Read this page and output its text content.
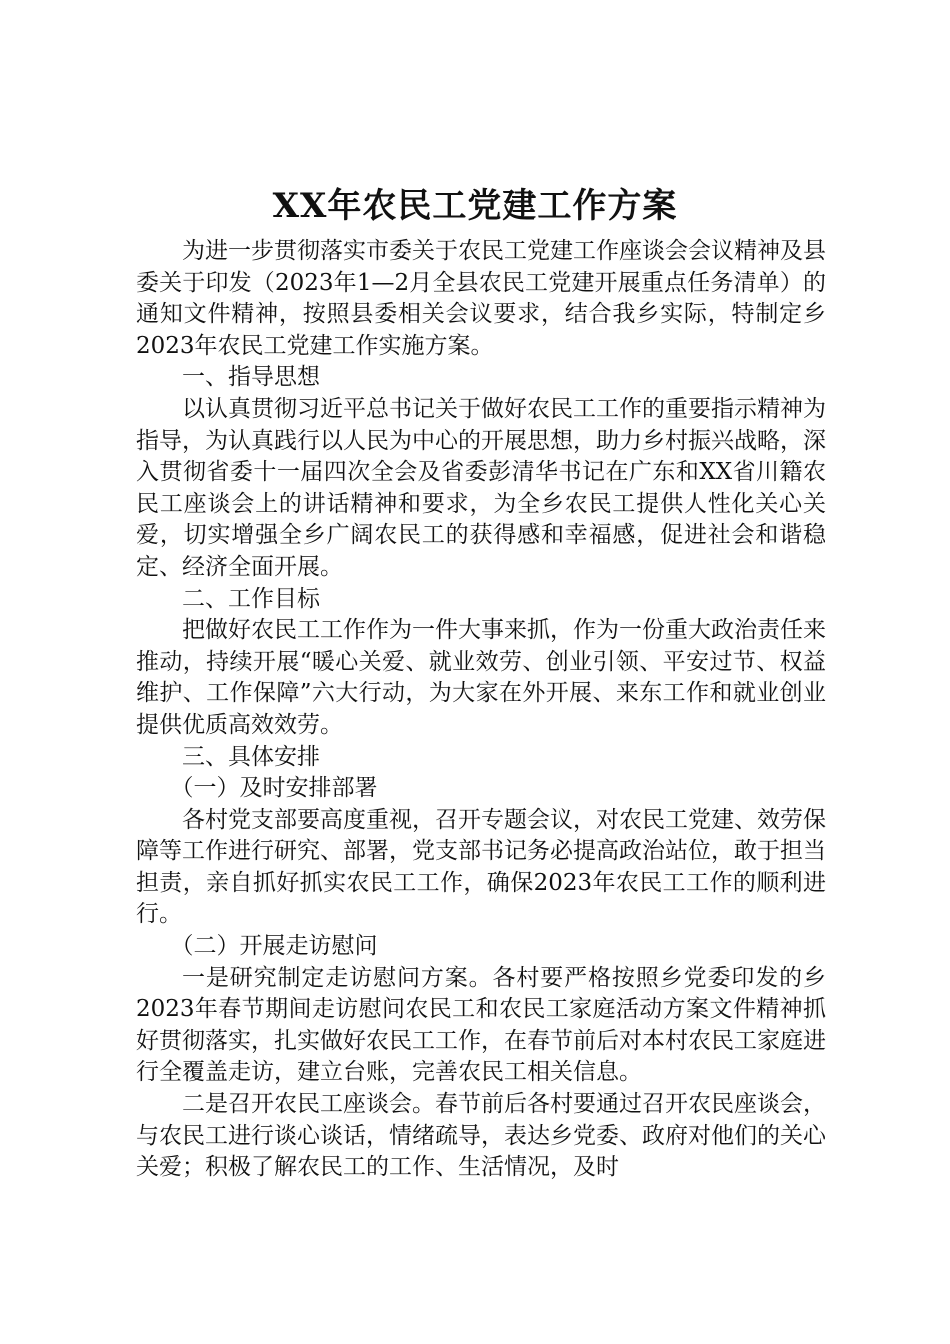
XX年农民工党建工作方案

为进一步贯彻落实市委关于农民工党建工作座谈会会议精神及县委关于印发（2023年1—2月全县农民工党建开展重点任务清单）的通知文件精神，按照县委相关会议要求，结合我乡实际，特制定乡2023年农民工党建工作实施方案。

一、指导思想

以认真贯彻习近平总书记关于做好农民工工作的重要指示精神为指导，为认真践行以人民为中心的开展思想，助力乡村振兴战略，深入贯彻省委十一届四次全会及省委彭清华书记在广东和XX省川籍农民工座谈会上的讲话精神和要求，为全乡农民工提供人性化关心关爱，切实增强全乡广阔农民工的获得感和幸福感，促进社会和谐稳定、经济全面开展。

二、工作目标

把做好农民工工作作为一件大事来抓，作为一份重大政治责任来推动，持续开展“暖心关爱、就业效劳、创业引领、平安过节、权益维护、工作保障”六大行动，为大家在外开展、来东工作和就业创业提供优质高效效劳。

三、具体安排

（一）及时安排部署

各村党支部要高度重视，召开专题会议，对农民工党建、效劳保障等工作进行研究、部署，党支部书记务必提高政治站位，敢于担当担责，亲自抓好抓实农民工工作，确保2023年农民工工作的顺利进行。

（二）开展走访慰问

一是研究制定走访慰问方案。各村要严格按照乡党委印发的乡2023年春节期间走访慰问农民工和农民工家庭活动方案文件精神抓好贯彻落实，扎实做好农民工工作，在春节前后对本村农民工家庭进行全覆盖走访，建立台账，完善农民工相关信息。

二是召开农民工座谈会。春节前后各村要通过召开农民座谈会，与农民工进行谈心谈话，情绪疏导，表达乡党委、政府对他们的关心关爱；积极了解农民工的工作、生活情况，及时
